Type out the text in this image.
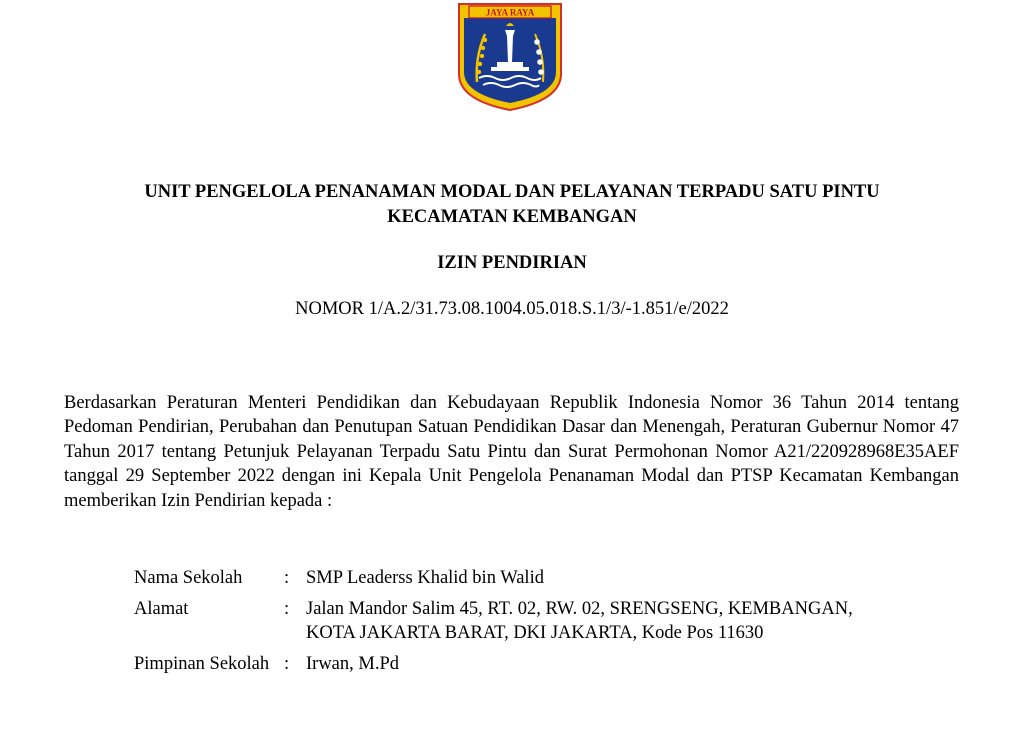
JAYA RAYA

UNIT PENGELOLA PENANAMAN MODAL DAN PELAYANAN TERPADU SATU PINTU
KECAMATAN KEMBANGAN

IZIN PENDIRIAN

NOMOR 1/A.2/31.73.08.1004.05.018.S.1/3/-1.851/e/2022

Berdasarkan Peraturan Menteri Pendidikan dan Kebudayaan Republik Indonesia Nomor 36 Tahun 2014 tentang Pedoman Pendirian, Perubahan dan Penutupan Satuan Pendidikan Dasar dan Menengah, Peraturan Gubernur Nomor 47 Tahun 2017 tentang Petunjuk Pelayanan Terpadu Satu Pintu dan Surat Permohonan Nomor A21/220928968E35AEF tanggal 29 September 2022 dengan ini Kepala Unit Pengelola Penanaman Modal dan PTSP Kecamatan Kembangan memberikan Izin Pendirian kepada :

Nama Sekolah	: SMP Leaderss Khalid bin Walid
Alamat	: Jalan Mandor Salim 45, RT. 02, RW. 02, SRENGSENG, KEMBANGAN, KOTA JAKARTA BARAT, DKI JAKARTA, Kode Pos 11630
Pimpinan Sekolah : Irwan, M.Pd
